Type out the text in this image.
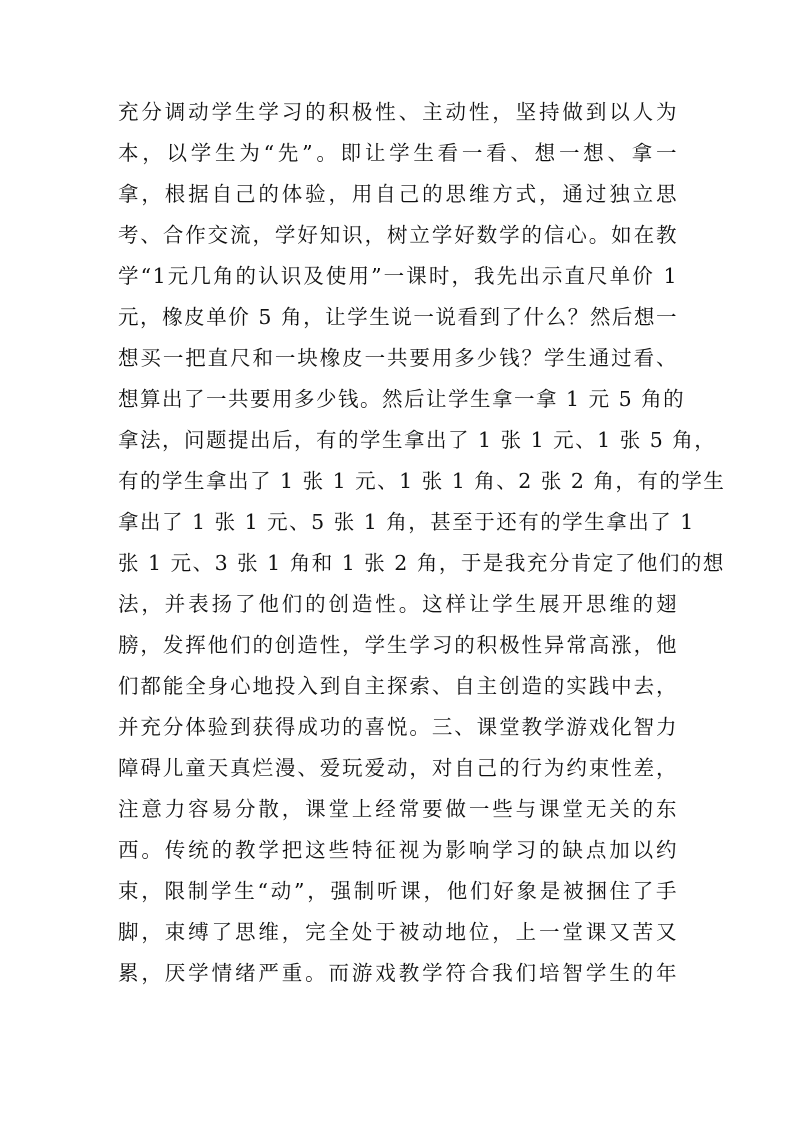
充分调动学生学习的积极性、主动性，坚持做到以人为
本，以学生为“先”。即让学生看一看、想一想、拿一
拿，根据自己的体验，用自己的思维方式，通过独立思
考、合作交流，学好知识，树立学好数学的信心。如在教
学“1元几角的认识及使用”一课时，我先出示直尺单价 1
元，橡皮单价 5 角，让学生说一说看到了什么？然后想一
想买一把直尺和一块橡皮一共要用多少钱？学生通过看、
想算出了一共要用多少钱。然后让学生拿一拿 1 元 5 角的
拿法，问题提出后，有的学生拿出了 1 张 1 元、1 张 5 角，
有的学生拿出了 1 张 1 元、1 张 1 角、2 张 2 角，有的学生
拿出了 1 张 1 元、5 张 1 角，甚至于还有的学生拿出了 1
张 1 元、3 张 1 角和 1 张 2 角，于是我充分肯定了他们的想
法，并表扬了他们的创造性。这样让学生展开思维的翅
膀，发挥他们的创造性，学生学习的积极性异常高涨，他
们都能全身心地投入到自主探索、自主创造的实践中去，
并充分体验到获得成功的喜悦。三、课堂教学游戏化智力
障碍儿童天真烂漫、爱玩爱动，对自己的行为约束性差，
注意力容易分散，课堂上经常要做一些与课堂无关的东
西。传统的教学把这些特征视为影响学习的缺点加以约
束，限制学生“动”，强制听课，他们好象是被捆住了手
脚，束缚了思维，完全处于被动地位，上一堂课又苦又
累，厌学情绪严重。而游戏教学符合我们培智学生的年
